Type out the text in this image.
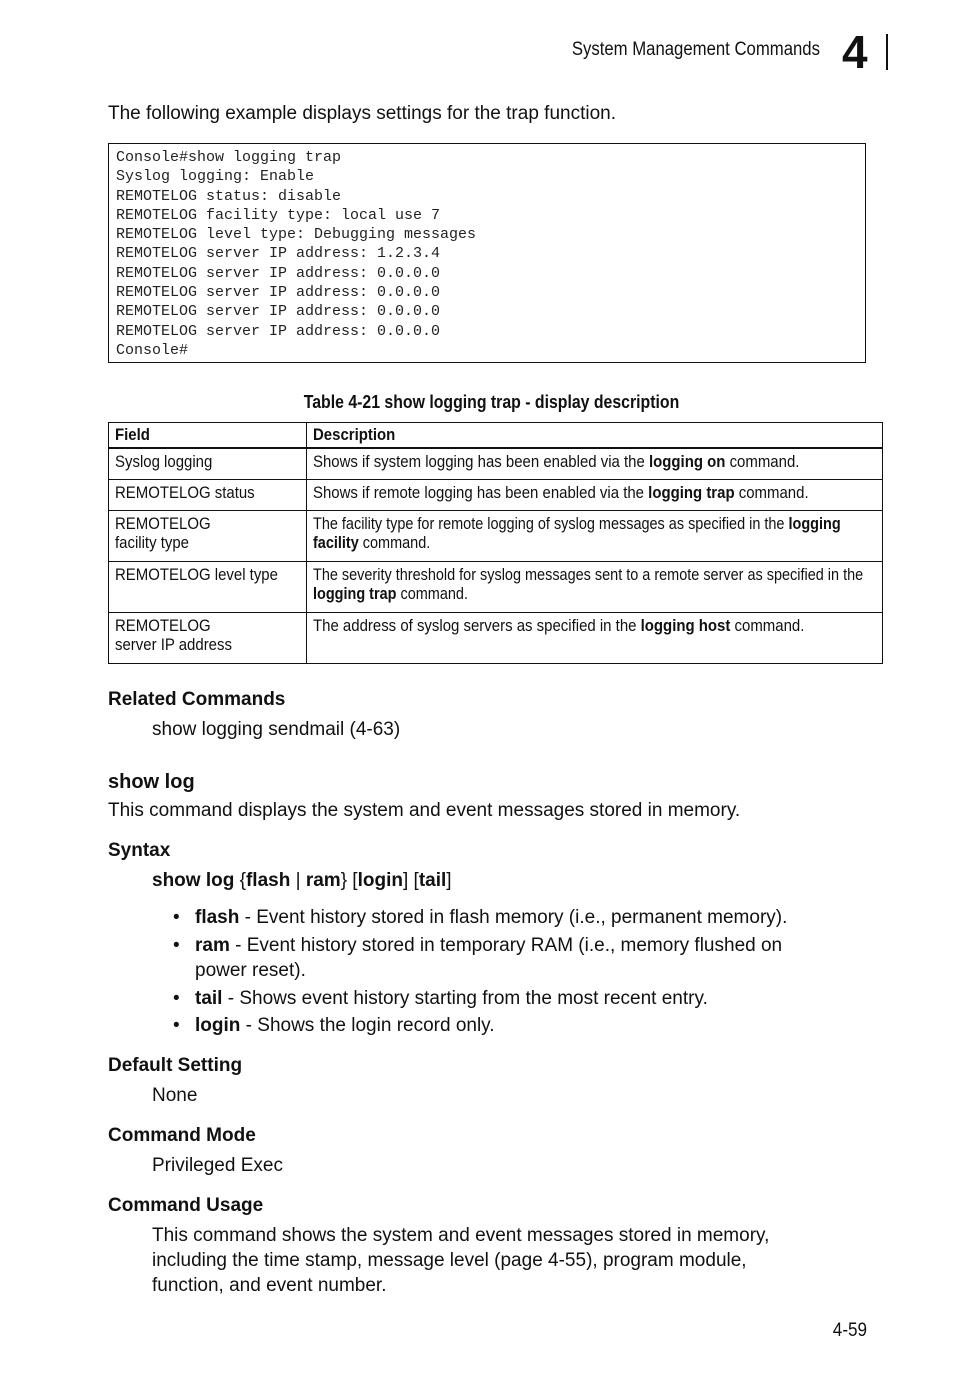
System Management Commands 4
The following example displays settings for the trap function.
Console#show logging trap
Syslog logging: Enable
REMOTELOG status: disable
REMOTELOG facility type: local use 7
REMOTELOG level type: Debugging messages
REMOTELOG server IP address: 1.2.3.4
REMOTELOG server IP address: 0.0.0.0
REMOTELOG server IP address: 0.0.0.0
REMOTELOG server IP address: 0.0.0.0
REMOTELOG server IP address: 0.0.0.0
Console#
Table 4-21 show logging trap - display description
Field	Description
Syslog logging	Shows if system logging has been enabled via the logging on command.
REMOTELOG status	Shows if remote logging has been enabled via the logging trap command.
REMOTELOG
facility type	The facility type for remote logging of syslog messages as specified in the logging facility command.
REMOTELOG level type	The severity threshold for syslog messages sent to a remote server as specified in the logging trap command.
REMOTELOG
server IP address	The address of syslog servers as specified in the logging host command.
Related Commands
show logging sendmail (4-63)
show log
This command displays the system and event messages stored in memory.
Syntax
show log {flash | ram} [login] [tail]
• flash - Event history stored in flash memory (i.e., permanent memory).
• ram - Event history stored in temporary RAM (i.e., memory flushed on
power reset).
• tail - Shows event history starting from the most recent entry.
• login - Shows the login record only.
Default Setting
None
Command Mode
Privileged Exec
Command Usage
This command shows the system and event messages stored in memory,
including the time stamp, message level (page 4-55), program module,
function, and event number.
4-59
